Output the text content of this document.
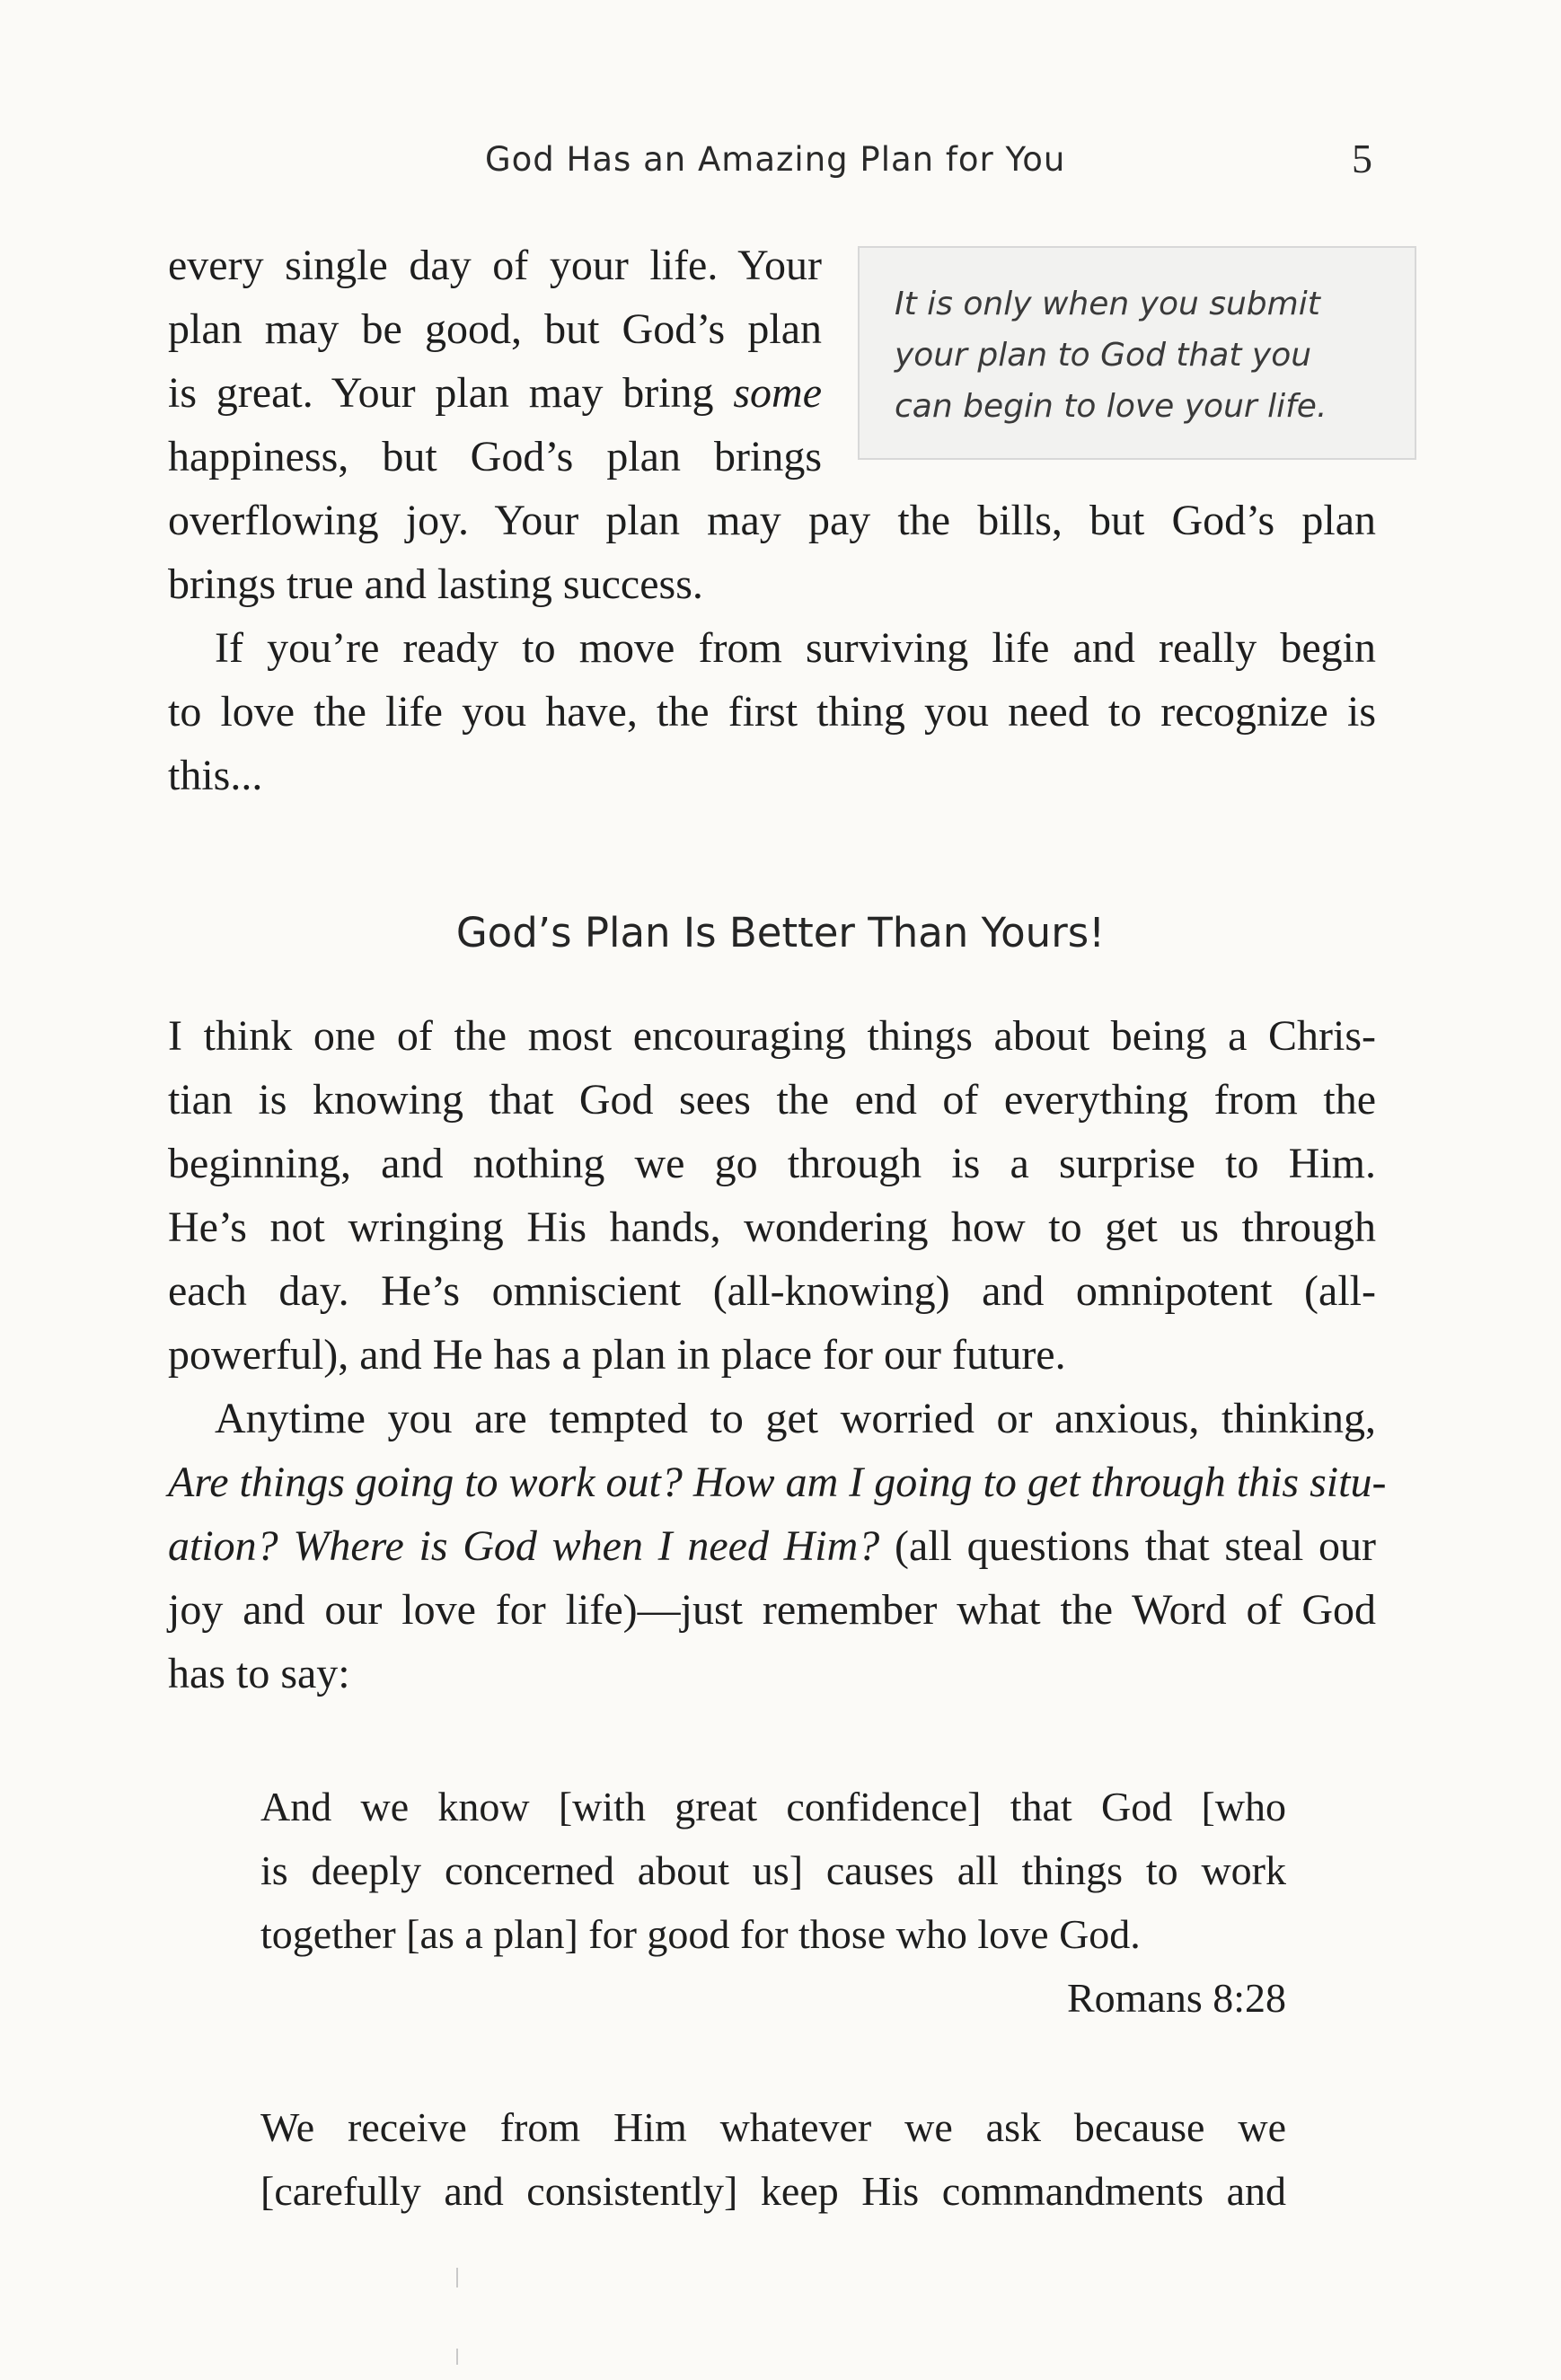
God Has an Amazing Plan for You	5
It is only when you submit
your plan to God that you
can begin to love your life.
every single day of your life. Your
plan may be good, but God’s plan
is great. Your plan may bring some
happiness, but God’s plan brings
overflowing joy. Your plan may pay the bills, but God’s plan
brings true and lasting success.
If you’re ready to move from surviving life and really begin
to love the life you have, the first thing you need to recognize is
this...
God’s Plan Is Better Than Yours!
I think one of the most encouraging things about being a Chris-
tian is knowing that God sees the end of everything from the
beginning, and nothing we go through is a surprise to Him.
He’s not wringing His hands, wondering how to get us through
each day. He’s omniscient (all-knowing) and omnipotent (all-
powerful), and He has a plan in place for our future.
Anytime you are tempted to get worried or anxious, thinking,
Are things going to work out? How am I going to get through this situ-
ation? Where is God when I need Him? (all questions that steal our
joy and our love for life)—just remember what the Word of God
has to say:
And we know [with great confidence] that God [who
is deeply concerned about us] causes all things to work
together [as a plan] for good for those who love God.
Romans 8:28
We receive from Him whatever we ask because we
[carefully and consistently] keep His commandments and
